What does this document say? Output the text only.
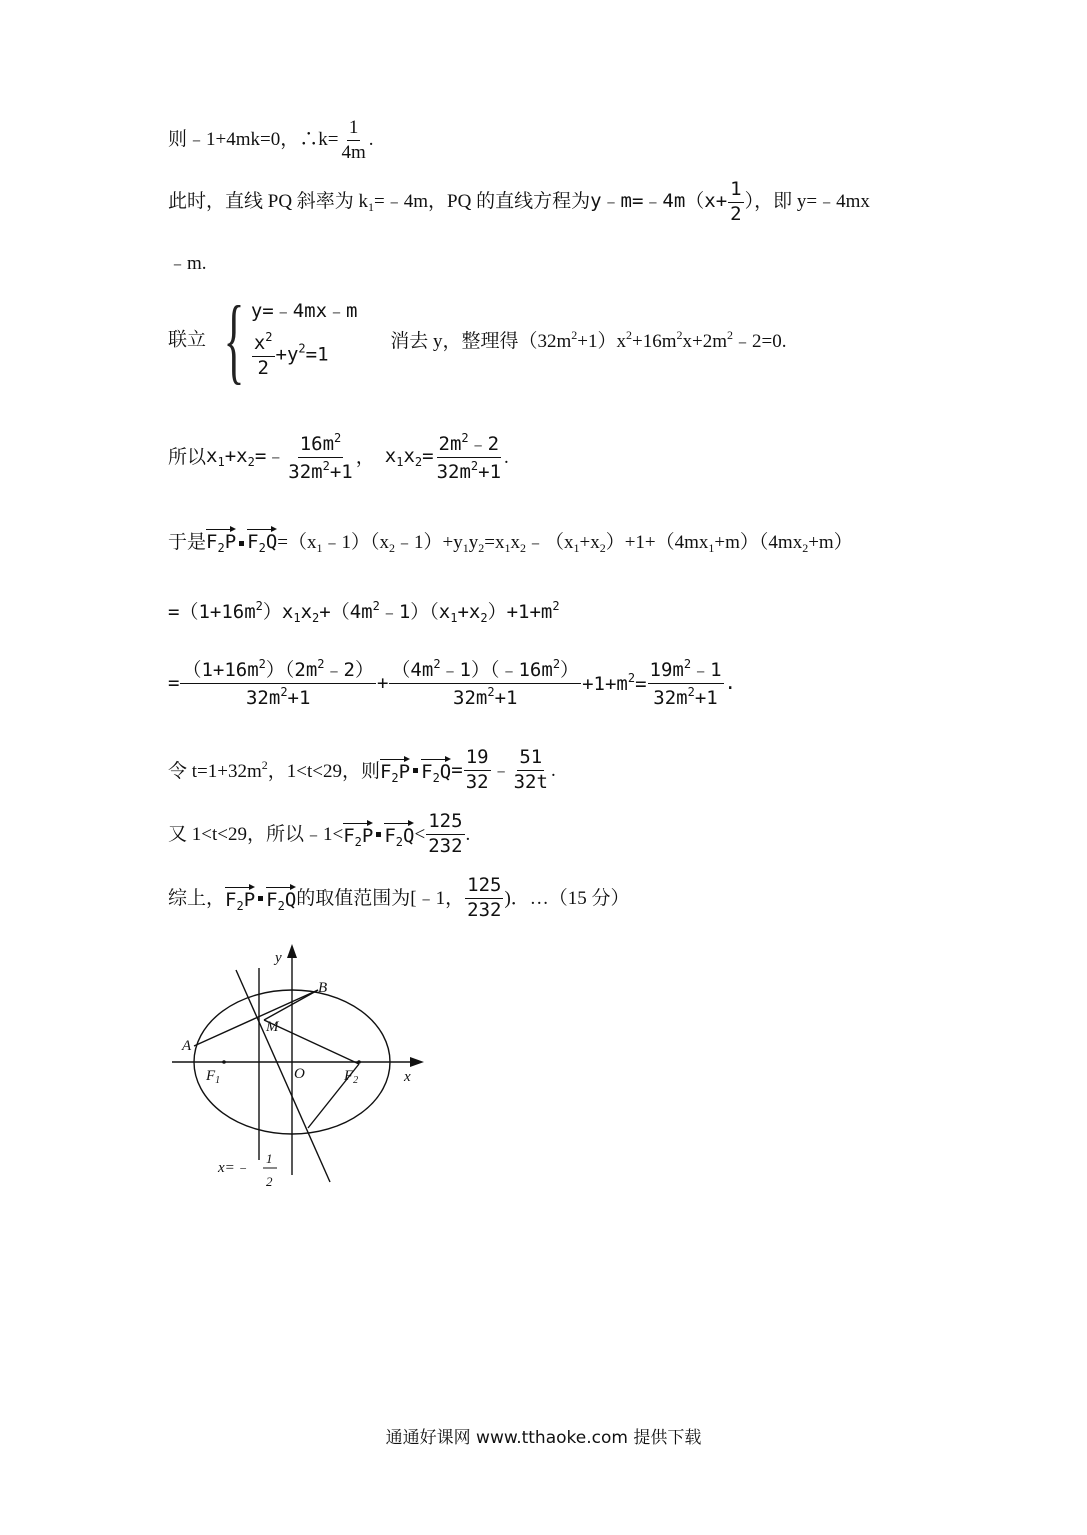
则﹣1+4mk=0，∴k= $\frac{1}{4m}$ .
此时，直线 PQ 斜率为 $k_1=﹣4m$，PQ 的直线方程为y﹣m=﹣4m（x+ $\frac{1}{2}$ ），即 y=﹣4mx
﹣m.
联立 { y=﹣4mx﹣m
$\frac{x^2}{2} +y^2=1$
消去 y，整理得$(32m^2+1)x^2+16m^2x+2m^2﹣2=0$.
所以$x_1+x_2=﹣ \frac{16m^2}{32m^2+1}$ ， $x_1x_2= \frac{2m^2﹣2}{32m^2+1}$ .
于是$F_2P$ $F_2Q=(x_1﹣1)(x_2﹣1)+y_1y_2=x_1x_2﹣(x_1+x_2)+1+(4mx_1+m)(4mx_2+m)$
$=(1+16m^2)x_1x_2+(4m^2﹣1)(x_1+x_2)+1+m^2$
= $\frac{(1+16m^2)(2m^2﹣2)}{32m^2+1} + \frac{(4m^2﹣1)(﹣16m^2)}{32m^2+1} +1+m^2= \frac{19m^2﹣1}{32m^2+1}$ .
令 $t=1+32m^2$，1<t<29，则$F_2P$ $F_2Q= \frac{19}{32}$ ﹣ $\frac{51}{32t}$ .
又 1<t<29，所以$﹣1<F_2P$ $F_2Q< \frac{125}{232}$ .
综上，$F_2P$ $F_2Q$的取值范围为[﹣1， $\frac{125}{232}$ )．…（15 分）
y
x
B
A
M
O
$F_1$	$F_2$
x=﹣
1
2
通通好课网 www.tthaoke.com 提供下载
